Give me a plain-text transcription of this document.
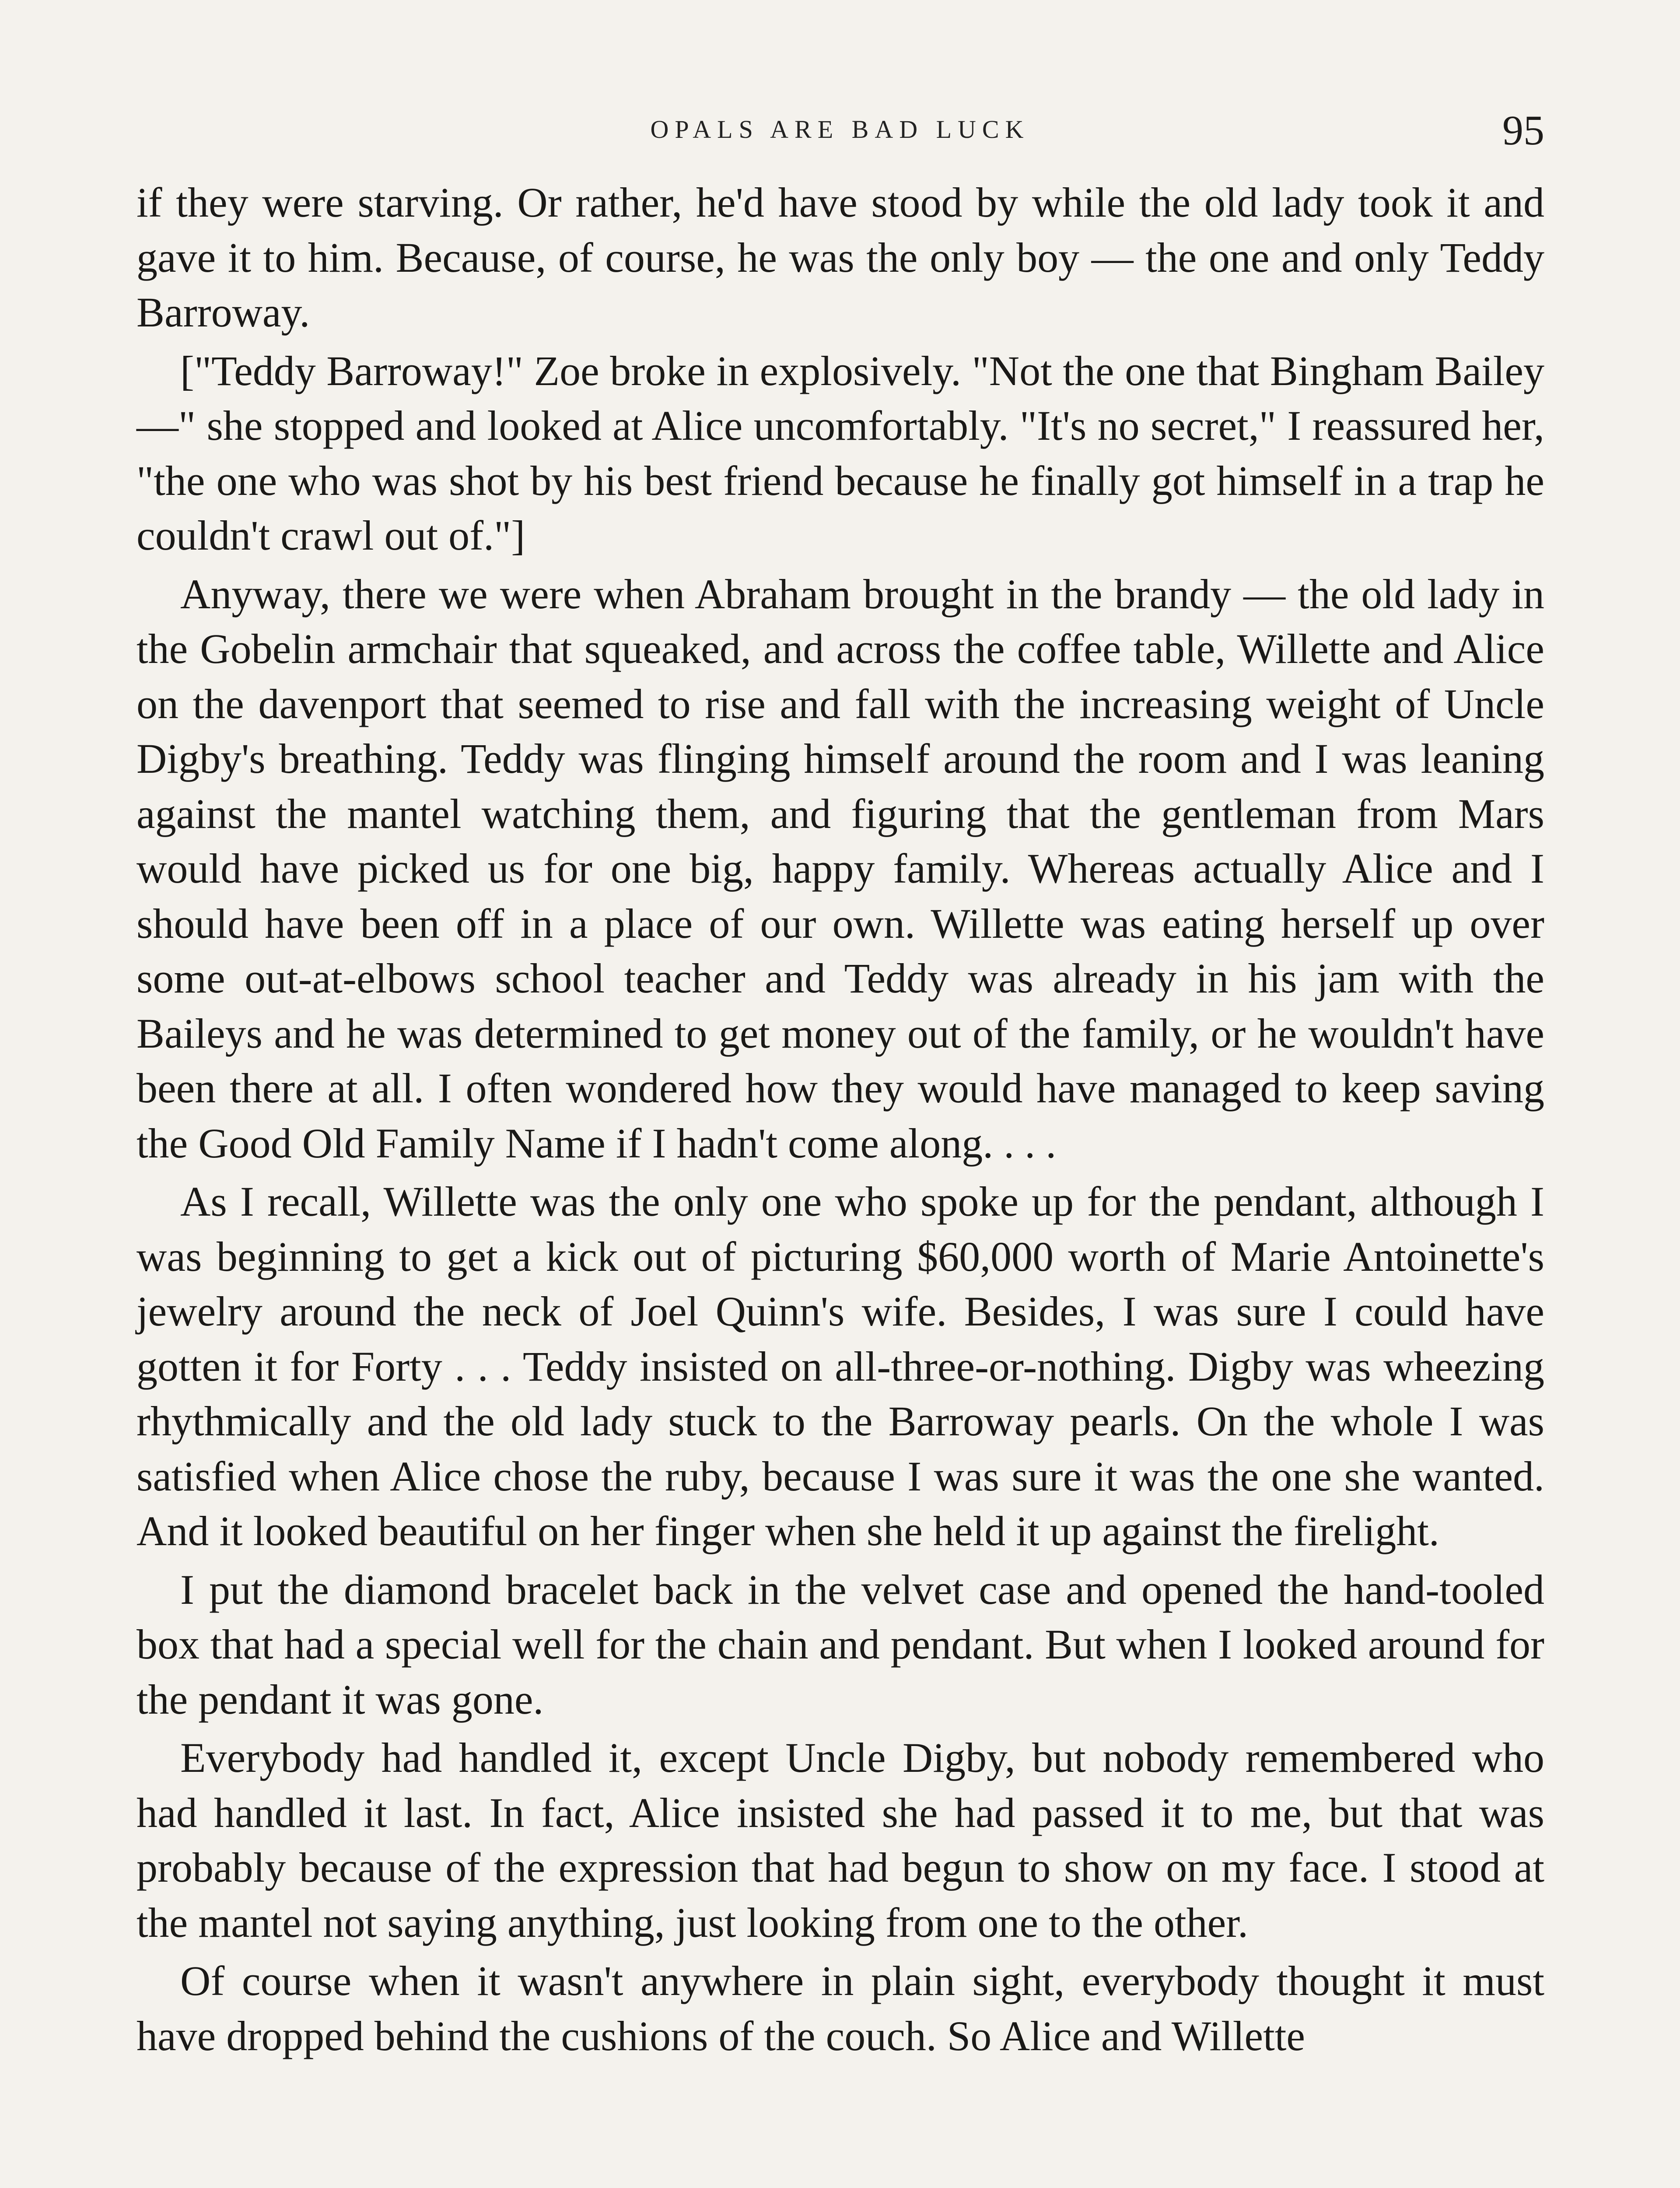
OPALS ARE BAD LUCK	95

if they were starving. Or rather, he'd have stood by while the old lady took it and gave it to him. Because, of course, he was the only boy — the one and only Teddy Barroway.

["Teddy Barroway!" Zoe broke in explosively. "Not the one that Bingham Bailey —" she stopped and looked at Alice uncomfortably. "It's no secret," I reassured her, "the one who was shot by his best friend because he finally got himself in a trap he couldn't crawl out of."]

Anyway, there we were when Abraham brought in the brandy — the old lady in the Gobelin armchair that squeaked, and across the coffee table, Willette and Alice on the davenport that seemed to rise and fall with the increasing weight of Uncle Digby's breathing. Teddy was flinging himself around the room and I was leaning against the mantel watching them, and figuring that the gentleman from Mars would have picked us for one big, happy family. Whereas actually Alice and I should have been off in a place of our own. Willette was eating herself up over some out-at-elbows school teacher and Teddy was already in his jam with the Baileys and he was determined to get money out of the family, or he wouldn't have been there at all. I often wondered how they would have managed to keep saving the Good Old Family Name if I hadn't come along. . . .

As I recall, Willette was the only one who spoke up for the pendant, although I was beginning to get a kick out of picturing $60,000 worth of Marie Antoinette's jewelry around the neck of Joel Quinn's wife. Besides, I was sure I could have gotten it for Forty . . . Teddy insisted on all-three-or-nothing. Digby was wheezing rhythmically and the old lady stuck to the Barroway pearls. On the whole I was satisfied when Alice chose the ruby, because I was sure it was the one she wanted. And it looked beautiful on her finger when she held it up against the firelight.

I put the diamond bracelet back in the velvet case and opened the hand-tooled box that had a special well for the chain and pendant. But when I looked around for the pendant it was gone.

Everybody had handled it, except Uncle Digby, but nobody remembered who had handled it last. In fact, Alice insisted she had passed it to me, but that was probably because of the expression that had begun to show on my face. I stood at the mantel not saying anything, just looking from one to the other.

Of course when it wasn't anywhere in plain sight, everybody thought it must have dropped behind the cushions of the couch. So Alice and Willette
